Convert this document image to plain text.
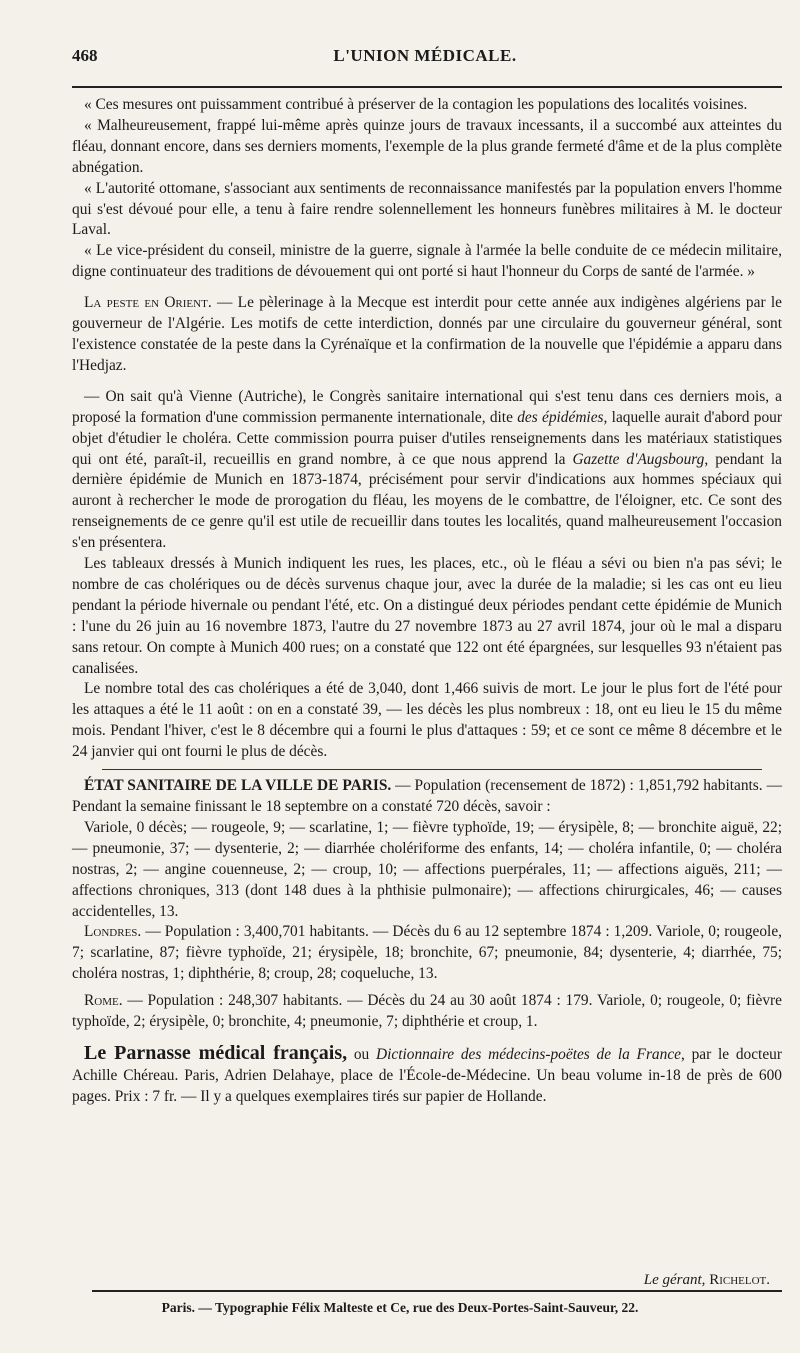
468	L'UNION MÉDICALE.

« Ces mesures ont puissamment contribué à préserver de la contagion les populations des localités voisines.

« Malheureusement, frappé lui-même après quinze jours de travaux incessants, il a succombé aux atteintes du fléau, donnant encore, dans ses derniers moments, l'exemple de la plus grande fermeté d'âme et de la plus complète abnégation.

« L'autorité ottomane, s'associant aux sentiments de reconnaissance manifestés par la population envers l'homme qui s'est dévoué pour elle, a tenu à faire rendre solennellement les honneurs funèbres militaires à M. le docteur Laval.

« Le vice-président du conseil, ministre de la guerre, signale à l'armée la belle conduite de ce médecin militaire, digne continuateur des traditions de dévouement qui ont porté si haut l'honneur du Corps de santé de l'armée. »

La peste en Orient. — Le pèlerinage à la Mecque est interdit pour cette année aux indigènes algériens par le gouverneur de l'Algérie. Les motifs de cette interdiction, donnés par une circulaire du gouverneur général, sont l'existence constatée de la peste dans la Cyrénaïque et la confirmation de la nouvelle que l'épidémie a apparu dans l'Hedjaz.

— On sait qu'à Vienne (Autriche), le Congrès sanitaire international qui s'est tenu dans ces derniers mois, a proposé la formation d'une commission permanente internationale, dite des épidémies, laquelle aurait d'abord pour objet d'étudier le choléra. Cette commission pourra puiser d'utiles renseignements dans les matériaux statistiques qui ont été, paraît-il, recueillis en grand nombre, à ce que nous apprend la Gazette d'Augsbourg, pendant la dernière épidémie de Munich en 1873-1874, précisément pour servir d'indications aux hommes spéciaux qui auront à rechercher le mode de prorogation du fléau, les moyens de le combattre, de l'éloigner, etc. Ce sont des renseignements de ce genre qu'il est utile de recueillir dans toutes les localités, quand malheureusement l'occasion s'en présentera.

Les tableaux dressés à Munich indiquent les rues, les places, etc., où le fléau a sévi ou bien n'a pas sévi; le nombre de cas cholériques ou de décès survenus chaque jour, avec la durée de la maladie; si les cas ont eu lieu pendant la période hivernale ou pendant l'été, etc. On a distingué deux périodes pendant cette épidémie de Munich : l'une du 26 juin au 16 novembre 1873, l'autre du 27 novembre 1873 au 27 avril 1874, jour où le mal a disparu sans retour. On compte à Munich 400 rues; on a constaté que 122 ont été épargnées, sur lesquelles 93 n'étaient pas canalisées.

Le nombre total des cas cholériques a été de 3,040, dont 1,466 suivis de mort. Le jour le plus fort de l'été pour les attaques a été le 11 août : on en a constaté 39, — les décès les plus nombreux : 18, ont eu lieu le 15 du même mois. Pendant l'hiver, c'est le 8 décembre qui a fourni le plus d'attaques : 59; et ce sont ce même 8 décembre et le 24 janvier qui ont fourni le plus de décès.

ÉTAT SANITAIRE DE LA VILLE DE PARIS. — Population (recensement de 1872) : 1,851,792 habitants. — Pendant la semaine finissant le 18 septembre on a constaté 720 décès, savoir :

Variole, 0 décès; — rougeole, 9; — scarlatine, 1; — fièvre typhoïde, 19; — érysipèle, 8; — bronchite aiguë, 22; — pneumonie, 37; — dysenterie, 2; — diarrhée cholériforme des enfants, 14; — choléra infantile, 0; — choléra nostras, 2; — angine couenneuse, 2; — croup, 10; — affections puerpérales, 11; — affections aiguës, 211; — affections chroniques, 313 (dont 148 dues à la phthisie pulmonaire); — affections chirurgicales, 46; — causes accidentelles, 13.

Londres. — Population : 3,400,701 habitants. — Décès du 6 au 12 septembre 1874 : 1,209. Variole, 0; rougeole, 7; scarlatine, 87; fièvre typhoïde, 21; érysipèle, 18; bronchite, 67; pneumonie, 84; dysenterie, 4; diarrhée, 75; choléra nostras, 1; diphthérie, 8; croup, 28; coqueluche, 13.

Rome. — Population : 248,307 habitants. — Décès du 24 au 30 août 1874 : 179. Variole, 0; rougeole, 0; fièvre typhoïde, 2; érysipèle, 0; bronchite, 4; pneumonie, 7; diphthérie et croup, 1.

Le Parnasse médical français, ou Dictionnaire des médecins-poëtes de la France, par le docteur Achille Chéreau. Paris, Adrien Delahaye, place de l'École-de-Médecine. Un beau volume in-18 de près de 600 pages. Prix : 7 fr. — Il y a quelques exemplaires tirés sur papier de Hollande.

Le gérant, Richelot.
Paris. — Typographie Félix Malteste et Ce, rue des Deux-Portes-Saint-Sauveur, 22.
